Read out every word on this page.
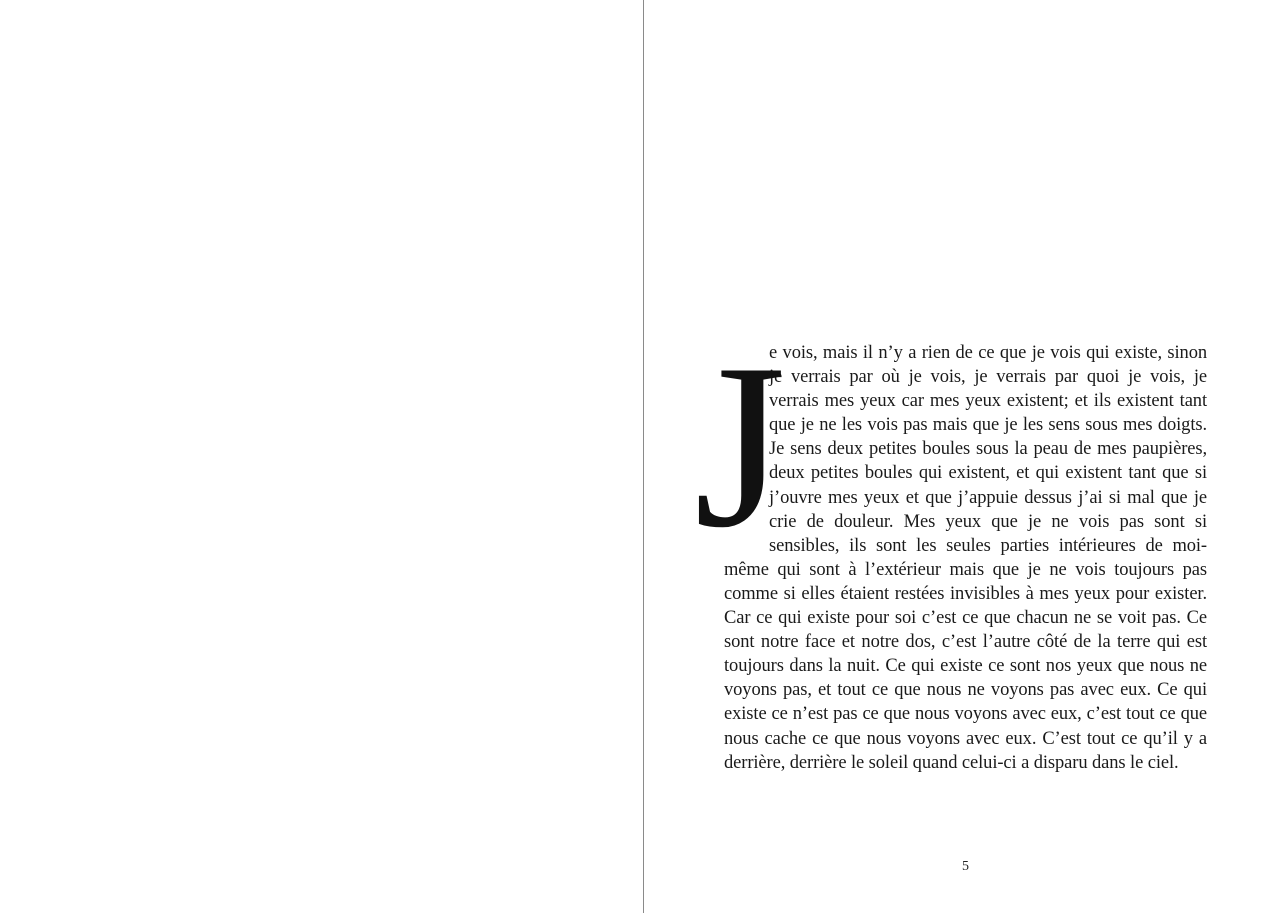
J

e vois, mais il n’y a rien de ce que je vois qui existe, sinon je verrais par où je vois, je verrais par quoi je vois, je verrais mes yeux car mes yeux existent; et ils existent tant que je ne les vois pas mais que je les sens sous mes doigts. Je sens deux petites boules sous la peau de mes paupières, deux petites boules qui existent, et qui existent tant que si j’ouvre mes yeux et que j’appuie dessus j’ai si mal que je crie de douleur. Mes yeux que je ne vois pas sont si sensibles, ils sont les seules parties intérieures de moi-même qui sont à l’extérieur mais que je ne vois toujours pas comme si elles étaient restées invisibles à mes yeux pour exister. Car ce qui existe pour soi c’est ce que chacun ne se voit pas. Ce sont notre face et notre dos, c’est l’autre côté de la terre qui est toujours dans la nuit. Ce qui existe ce sont nos yeux que nous ne voyons pas, et tout ce que nous ne voyons pas avec eux. Ce qui existe ce n’est pas ce que nous voyons avec eux, c’est tout ce que nous cache ce que nous voyons avec eux. C’est tout ce qu’il y a derrière, derrière le soleil quand celui-ci a disparu dans le ciel.

5
